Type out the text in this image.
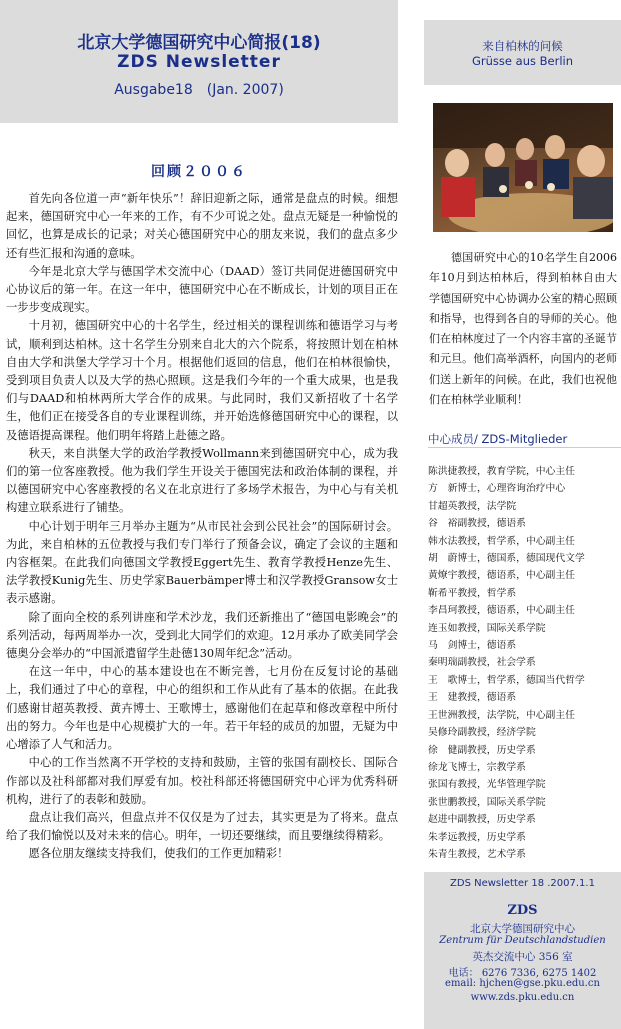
北京大学德国研究中心简报(18)
ZDS Newsletter
Ausgabe18　(Jan. 2007)
回顾２００６

首先向各位道一声“新年快乐”！辞旧迎新之际，通常是盘点的时候。细想起来，德国研究中心一年来的工作，有不少可说之处。盘点无疑是一种愉悦的回忆，也算是成长的记录；对关心德国研究中心的朋友来说，我们的盘点多少还有些汇报和沟通的意味。

今年是北京大学与德国学术交流中心（DAAD）签订共同促进德国研究中心协议后的第一年。在这一年中，德国研究中心在不断成长，计划的项目正在一步步变成现实。

十月初，德国研究中心的十名学生，经过相关的课程训练和德语学习与考试，顺利到达柏林。这十名学生分别来自北大的六个院系，将按照计划在柏林自由大学和洪堡大学学习十个月。根据他们返回的信息，他们在柏林很愉快，受到项目负责人以及大学的热心照顾。这是我们今年的一个重大成果，也是我们与DAAD和柏林两所大学合作的成果。与此同时，我们又新招收了十名学生，他们正在接受各自的专业课程训练，并开始选修德国研究中心的课程，以及德语提高课程。他们明年将踏上赴德之路。

秋天，来自洪堡大学的政治学教授Wollmann来到德国研究中心，成为我们的第一位客座教授。他为我们学生开设关于德国宪法和政治体制的课程，并以德国研究中心客座教授的名义在北京进行了多场学术报告，为中心与有关机构建立联系进行了铺垫。

中心计划于明年三月举办主题为“从市民社会到公民社会”的国际研讨会。为此，来自柏林的五位教授与我们专门举行了预备会议，确定了会议的主题和内容框架。在此我们向德国文学教授Eggert先生、教育学教授Henze先生、法学教授Kunig先生、历史学家Bauerbämper博士和汉学教授Gransow女士表示感谢。

除了面向全校的系列讲座和学术沙龙，我们还新推出了“德国电影晚会”的系列活动，每两周举办一次，受到北大同学们的欢迎。12月承办了欧美同学会德奥分会举办的“中国派遣留学生赴德130周年纪念”活动。

在这一年中，中心的基本建设也在不断完善，七月份在反复讨论的基础上，我们通过了中心的章程，中心的组织和工作从此有了基本的依据。在此我们感谢甘超英教授、黄卉博士、王歌博士，感谢他们在起草和修改章程中所付出的努力。今年也是中心规模扩大的一年。若干年轻的成员的加盟，无疑为中心增添了人气和活力。

中心的工作当然离不开学校的支持和鼓励，主管的张国有副校长、国际合作部以及社科部都对我们厚爱有加。校社科部还将德国研究中心评为优秀科研机构，进行了的表彰和鼓励。

盘点让我们高兴，但盘点并不仅仅是为了过去，其实更是为了将来。盘点给了我们愉悦以及对未来的信心。明年，一切还要继续，而且要继续得精彩。

愿各位朋友继续支持我们，使我们的工作更加精彩！

来自柏林的问候
Grüsse aus Berlin

德国研究中心的10名学生自2006年10月到达柏林后，得到柏林自由大学德国研究中心协调办公室的精心照顾和指导，也得到各自的导师的关心。他们在柏林度过了一个内容丰富的圣诞节和元旦。他们高举酒杯，向国内的老师们送上新年的问候。在此，我们也祝他们在柏林学业顺利！

中心成员/ ZDS-Mitglieder
陈洪捷教授，教育学院，中心主任
方　新博士，心理咨询治疗中心
甘超英教授，法学院
谷　裕副教授，德语系
韩水法教授，哲学系，中心副主任
胡　蔚博士，德国系，德国现代文学
黄燎宇教授，德语系，中心副主任
靳希平教授，哲学系
李昌珂教授，德语系，中心副主任
连玉如教授，国际关系学院
马　剑博士，德语系
秦明瑞副教授，社会学系
王　歌博士，哲学系，德国当代哲学
王　建教授，德语系
王世洲教授，法学院，中心副主任
吴修玲副教授，经济学院
徐　健副教授，历史学系
徐龙飞博士，宗教学系
张国有教授，光华管理学院
张世鹏教授，国际关系学院
赵进中副教授，历史学系
朱孝远教授，历史学系
朱青生教授，艺术学系
ZDS Newsletter 18 .2007.1.1
ZDS
北京大学德国研究中心
Zentrum für Deutschlandstudien
英杰交流中心 356 室
电话： 6276 7336, 6275 1402
email: hjchen@gse.pku.edu.cn
www.zds.pku.edu.cn
